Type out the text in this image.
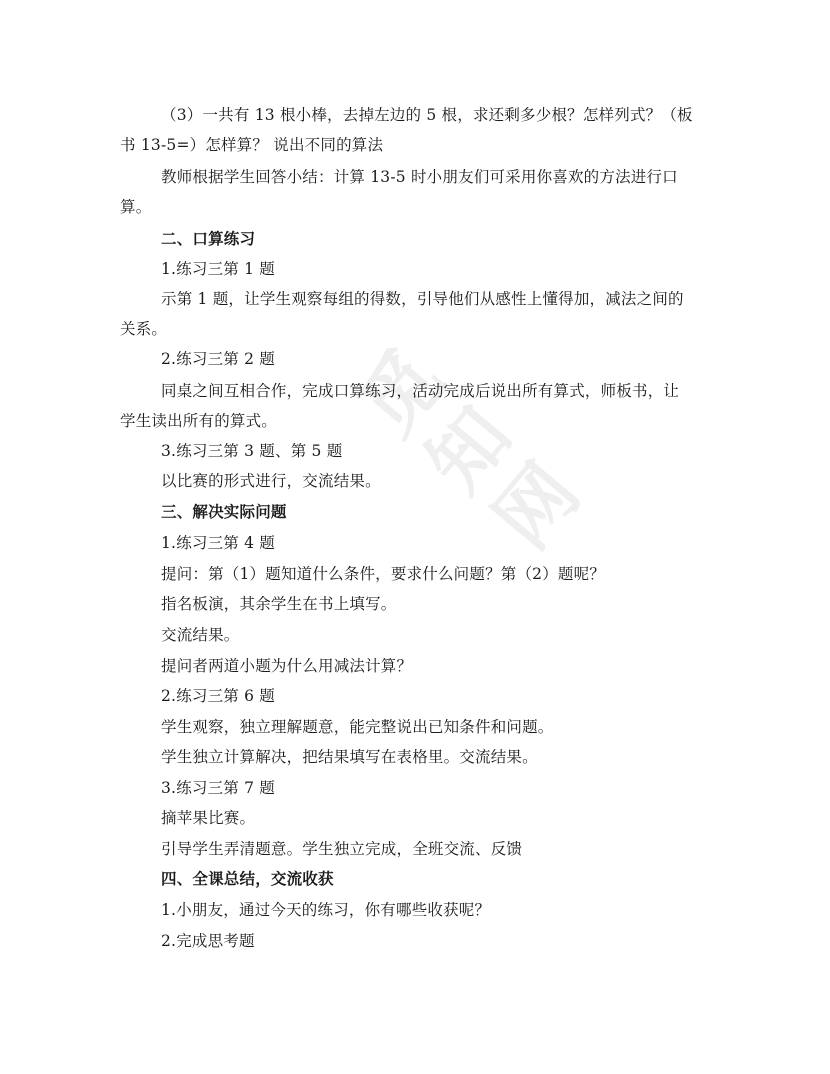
觅
知
网
（3）一共有 13 根小棒，去掉左边的 5 根，求还剩多少根？怎样列式？（板
书 13-5=）怎样算？ 说出不同的算法
教师根据学生回答小结：计算 13-5 时小朋友们可采用你喜欢的方法进行口
算。
二、口算练习
1.练习三第 1 题
示第 1 题，让学生观察每组的得数，引导他们从感性上懂得加，减法之间的
关系。
2.练习三第 2 题
同桌之间互相合作，完成口算练习，活动完成后说出所有算式，师板书，让
学生读出所有的算式。
3.练习三第 3 题、第 5 题
以比赛的形式进行，交流结果。
三、解决实际问题
1.练习三第 4 题
提问：第（1）题知道什么条件，要求什么问题？第（2）题呢？
指名板演，其余学生在书上填写。
交流结果。
提问者两道小题为什么用减法计算？
2.练习三第 6 题
学生观察，独立理解题意，能完整说出已知条件和问题。
学生独立计算解决，把结果填写在表格里。交流结果。
3.练习三第 7 题
摘苹果比赛。
引导学生弄清题意。学生独立完成，全班交流、反馈
四、全课总结，交流收获
1.小朋友，通过今天的练习，你有哪些收获呢？
2.完成思考题
